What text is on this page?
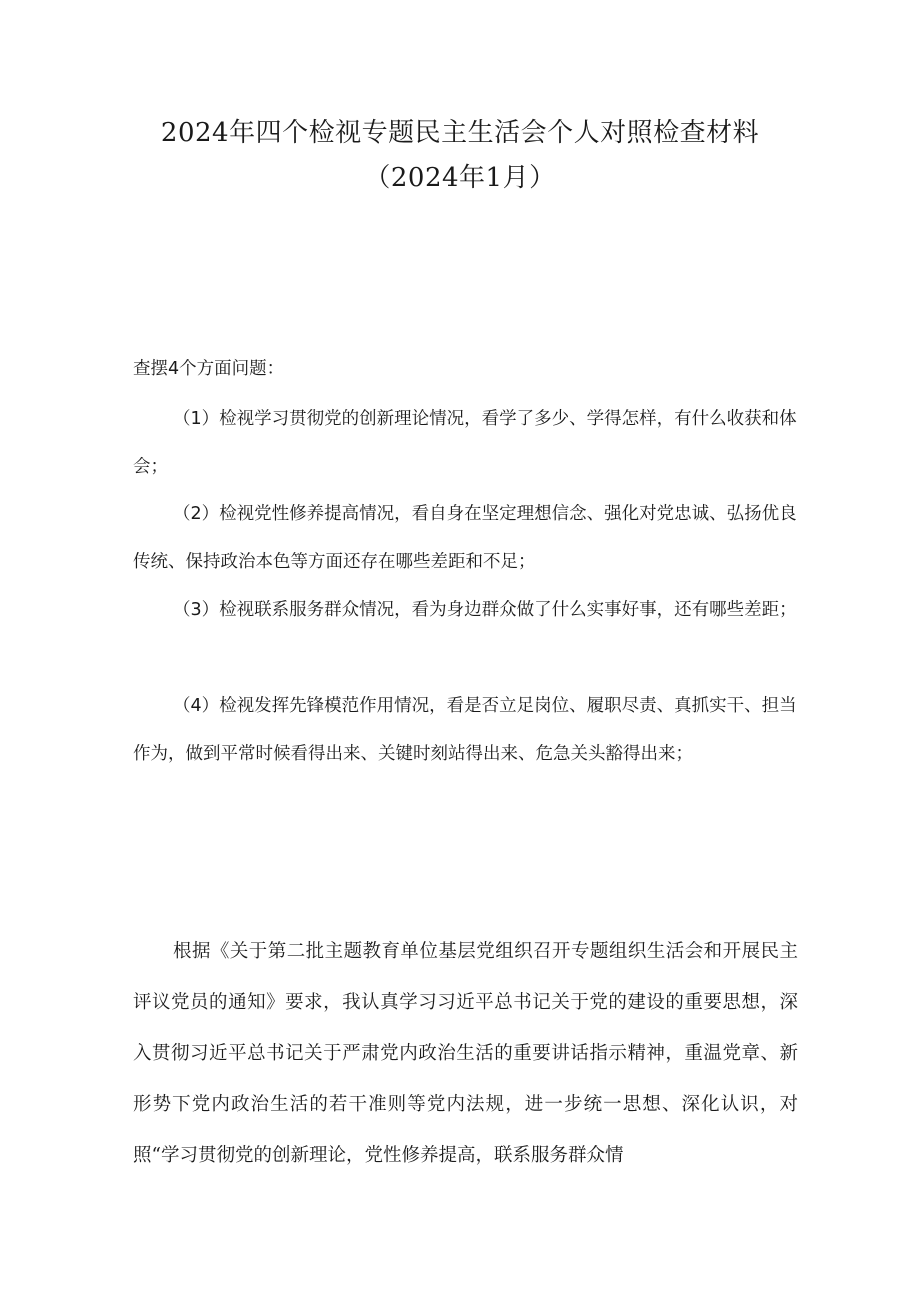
2024年四个检视专题民主生活会个人对照检查材料
（2024年1月）

查摆4个方面问题：

（1）检视学习贯彻党的创新理论情况，看学了多少、学得怎样，有什么收获和体会；

（2）检视党性修养提高情况，看自身在坚定理想信念、强化对党忠诚、弘扬优良传统、保持政治本色等方面还存在哪些差距和不足；

（3）检视联系服务群众情况，看为身边群众做了什么实事好事，还有哪些差距；

（4）检视发挥先锋模范作用情况，看是否立足岗位、履职尽责、真抓实干、担当作为，做到平常时候看得出来、关键时刻站得出来、危急关头豁得出来；

根据《关于第二批主题教育单位基层党组织召开专题组织生活会和开展民主评议党员的通知》要求，我认真学习习近平总书记关于党的建设的重要思想，深入贯彻习近平总书记关于严肃党内政治生活的重要讲话指示精神，重温党章、新形势下党内政治生活的若干准则等党内法规，进一步统一思想、深化认识，对照“学习贯彻党的创新理论，党性修养提高，联系服务群众情
